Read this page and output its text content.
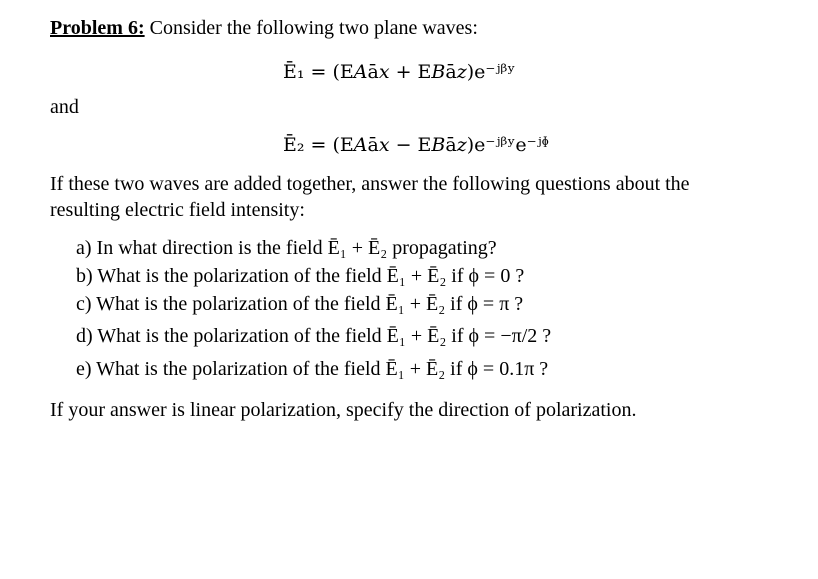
Problem 6: Consider the following two plane waves:
Ē₁ = (E𝐴ā𝑥 + E𝐵ā𝑧)e⁻ʲᵝʸ
and
Ē₂ = (E𝐴ā𝑥 − E𝐵ā𝑧)e⁻ʲᵝʸe⁻ʲᶲ
If these two waves are added together, answer the following questions about the
resulting electric field intensity:
a) In what direction is the field Ē₁ + Ē₂ propagating?
b) What is the polarization of the field Ē₁ + Ē₂ if ϕ = 0 ?
c) What is the polarization of the field Ē₁ + Ē₂ if ϕ = π ?
d) What is the polarization of the field Ē₁ + Ē₂ if ϕ = −π/2 ?
e) What is the polarization of the field Ē₁ + Ē₂ if ϕ = 0.1π ?
If your answer is linear polarization, specify the direction of polarization.
